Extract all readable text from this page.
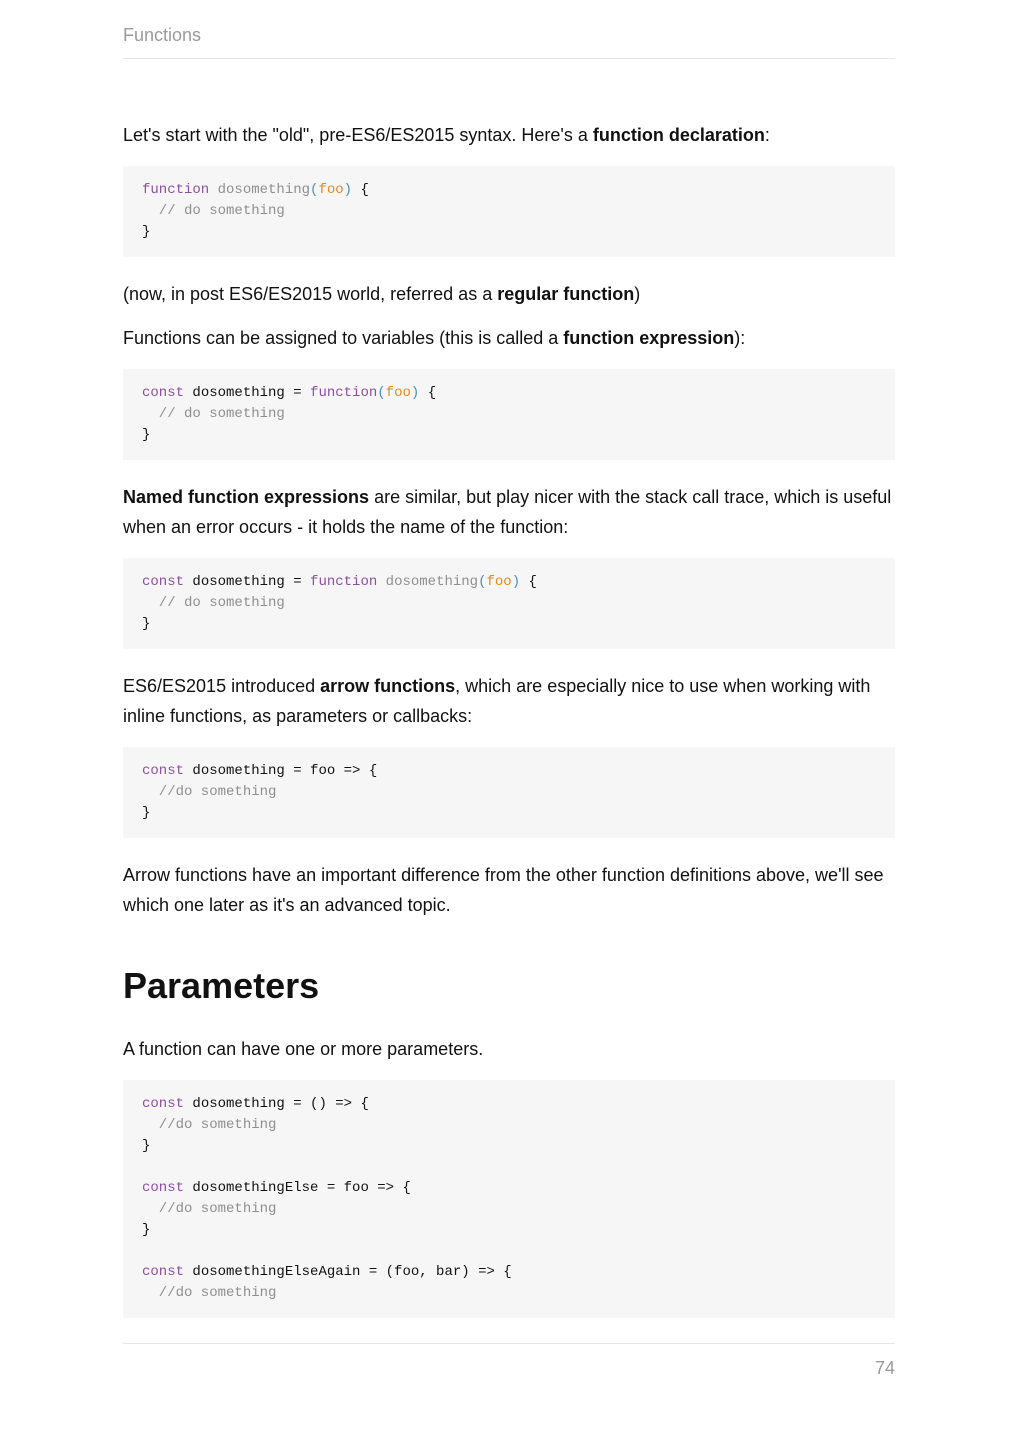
Functions

Let's start with the "old", pre-ES6/ES2015 syntax. Here's a function declaration:

function dosomething(foo) {
// do something
}

(now, in post ES6/ES2015 world, referred as a regular function)

Functions can be assigned to variables (this is called a function expression):

const dosomething = function(foo) {
// do something
}

Named function expressions are similar, but play nicer with the stack call trace, which is useful when an error occurs - it holds the name of the function:

const dosomething = function dosomething(foo) {
// do something
}

ES6/ES2015 introduced arrow functions, which are especially nice to use when working with inline functions, as parameters or callbacks:

const dosomething = foo => {
//do something
}

Arrow functions have an important difference from the other function definitions above, we'll see which one later as it's an advanced topic.

Parameters

A function can have one or more parameters.

const dosomething = () => {
//do something
}

const dosomethingElse = foo => {
//do something
}

const dosomethingElseAgain = (foo, bar) => {
//do something
74
